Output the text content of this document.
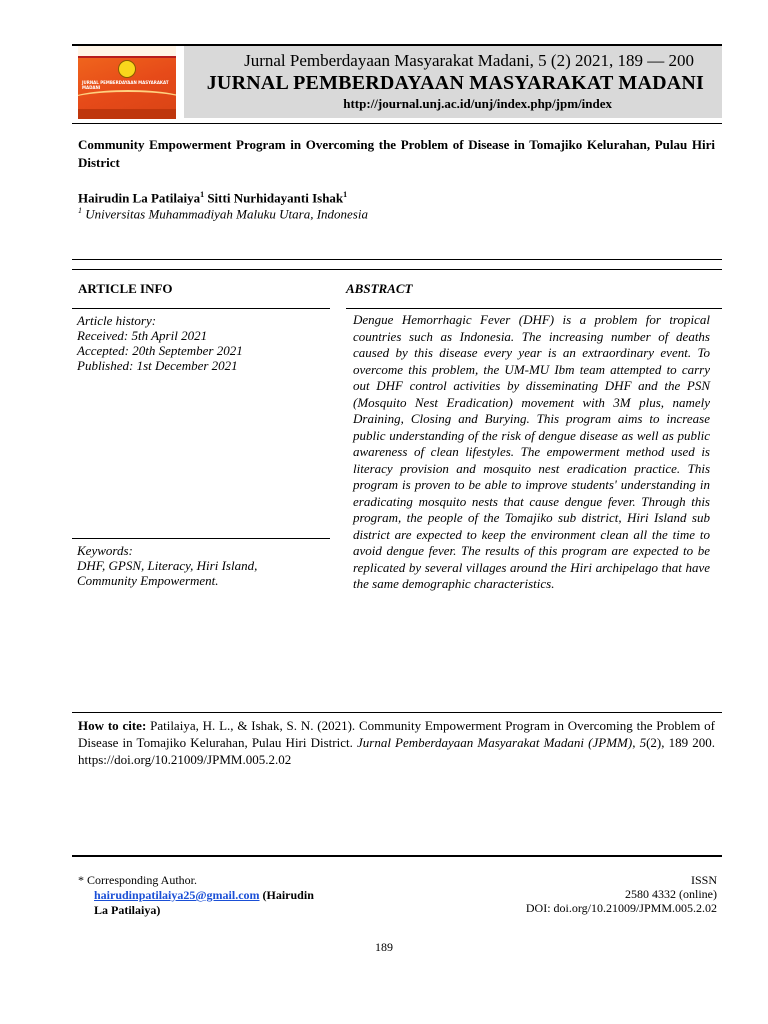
JURNAL PEMBERDAYAAN MASYARAKAT MADANI
Jurnal Pemberdayaan Masyarakat Madani, 5 (2) 2021, 189 — 200
JURNAL PEMBERDAYAAN MASYARAKAT MADANI
http://journal.unj.ac.id/unj/index.php/jpm/index
Community Empowerment Program in Overcoming the Problem of Disease in Tomajiko Kelurahan, Pulau Hiri District
Hairudin La Patilaiya$^1$ Sitti Nurhidayanti Ishak$^1$
$^1$ Universitas Muhammadiyah Maluku Utara, Indonesia
ARTICLE INFO	ABSTRACT
Article history:
Received: 5th April 2021
Accepted: 20th September 2021
Published: 1st December 2021
Keywords:
DHF, GPSN, Literacy, Hiri Island,
Community Empowerment.
Dengue Hemorrhagic Fever (DHF) is a problem for tropical countries such as Indonesia. The increasing number of deaths caused by this disease every year is an extraordinary event. To overcome this problem, the UM-MU Ibm team attempted to carry out DHF control activities by disseminating DHF and the PSN (Mosquito Nest Eradication) movement with 3M plus, namely Draining, Closing and Burying. This program aims to increase public understanding of the risk of dengue disease as well as public awareness of clean lifestyles. The empowerment method used is literacy provision and mosquito nest eradication practice. This program is proven to be able to improve students' understanding in eradicating mosquito nests that cause dengue fever. Through this program, the people of the Tomajiko sub district, Hiri Island sub district are expected to keep the environment clean all the time to avoid dengue fever. The results of this program are expected to be replicated by several villages around the Hiri archipelago that have the same demographic characteristics.
How to cite: Patilaiya, H. L., & Ishak, S. N. (2021). Community Empowerment Program in Overcoming the Problem of Disease in Tomajiko Kelurahan, Pulau Hiri District. Jurnal Pemberdayaan Masyarakat Madani (JPMM), 5(2), 189 200. https://doi.org/10.21009/JPMM.005.2.02
* Corresponding Author.
hairudinpatilaiya25@gmail.com (Hairudin
La Patilaiya)
ISSN
2580 4332 (online)
DOI: doi.org/10.21009/JPMM.005.2.02
189
